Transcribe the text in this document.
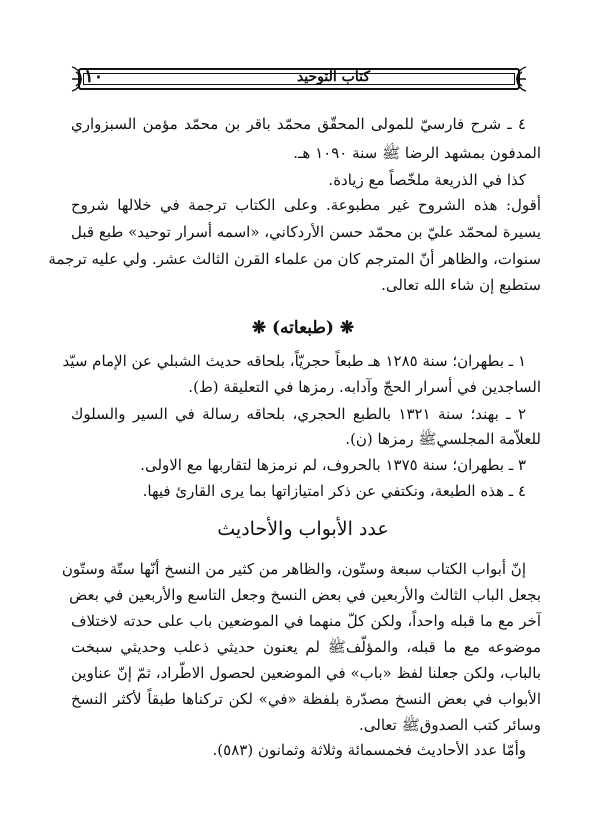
كتاب التوحيد
١٠
٤ ـ شرح فارسيّ للمولى المحقّق محمّد باقر بن محمّد مؤمن السبزواري
المدفون بمشهد الرضا ﷺ سنة ١٠٩٠ هـ.
كذا في الذريعة ملخّصاً مع زيادة.
أقول: هذه الشروح غير مطبوعة. وعلى الكتاب ترجمة في خلالها شروح
يسيرة لمحمّد عليّ بن محمّد حسن الأردكاني، «اسمه أسرار توحيد» طبع قبل
سنوات، والظاهر أنّ المترجم كان من علماء القرن الثالث عشر. ولي عليه ترجمة
ستطبع إن شاء الله تعالى.
❋ (طبعاته) ❋
١ ـ بطهران؛ سنة ١٢٨٥ هـ طبعاً حجريّاً، بلحاقه حديث الشبلي عن الإمام سيّد
الساجدين في أسرار الحجّ وآدابه. رمزها في التعليقة (ط).
٢ ـ بهند؛ سنة ١٣٢١ بالطبع الحجري، بلحاقه رسالة في السير والسلوك
للعلاّمة المجلسيﷺ رمزها (ن).
٣ ـ بطهران؛ سنة ١٣٧٥ بالحروف، لم نرمزها لتقاربها مع الاولى.
٤ ـ هذه الطبعة، ونكتفي عن ذكر امتيازاتها بما يرى القارئ فيها.
عدد الأبواب والأحاديث
إنّ أبواب الكتاب سبعة وستّون، والظاهر من كثير من النسخ أنّها ستّة وستّون
بجعل الباب الثالث والأربعين في بعض النسخ وجعل التاسع والأربعين في بعض
آخر مع ما قبله واحداً، ولكن كلّ منهما في الموضعين باب على حدته لاختلاف
موضوعه مع ما قبله، والمؤلّفﷺ لم يعنون حديثي ذعلب وحديثي سبخت
بالباب، ولكن جعلنا لفظ «باب» في الموضعين لحصول الاطّراد، ثمّ إنّ عناوين
الأبواب في بعض النسخ مصدّرة بلفظة «في» لكن تركناها طبقاً لأكثر النسخ
وسائر كتب الصدوقﷺ تعالى.
وأمّا عدد الأحاديث فخمسمائة وثلاثة وثمانون (٥٨٣).
